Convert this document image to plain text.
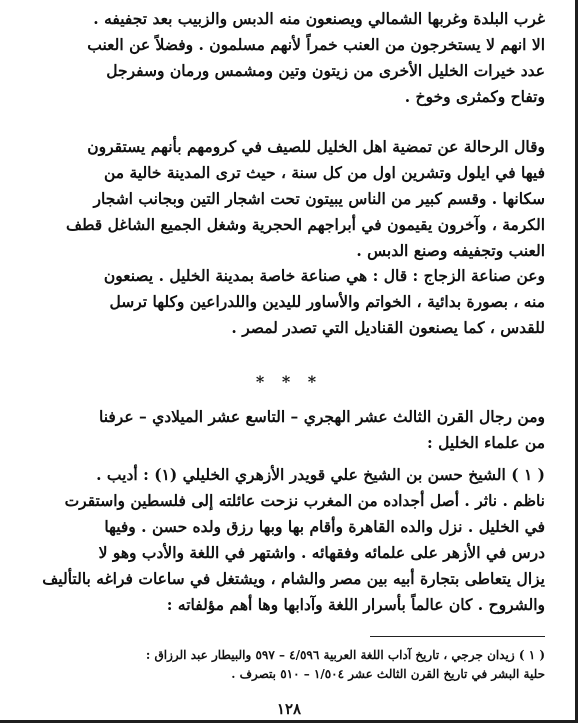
غرب البلدة وغربها الشمالي ويصنعون منه الدبس والزبيب بعد تجفيفه .
الا انهم لا يستخرجون من العنب خمراً لأنهم مسلمون . وفضلاً عن العنب
عدد خيرات الخليل الأخرى من زيتون وتين ومشمس ورمان وسفرجل
وتفاح وكمثرى وخوخ .
وقال الرحالة عن تمضية اهل الخليل للصيف في كرومهم بأنهم يستقرون
فيها في ايلول وتشرين اول من كل سنة ، حيث ترى المدينة خالية من
سكانها . وقسم كبير من الناس يبيتون تحت اشجار التين وبجانب اشجار
الكرمة ، وآخرون يقيمون في أبراجهم الحجرية وشغل الجميع الشاغل قطف
العنب وتجفيفه وصنع الدبس .
وعن صناعة الزجاج : قال : هي صناعة خاصة بمدينة الخليل . يصنعون
منه ، بصورة بدائية ، الخواتم والأساور لليدين واللدراعين وكلها ترسل
للقدس ، كما يصنعون القناديل التي تصدر لمصر .
* * *
ومن رجال القرن الثالث عشر الهجري – التاسع عشر الميلادي – عرفنا
من علماء الخليل :
( ١ ) الشيخ حسن بن الشيخ علي قويدر الأزهري الخليلي (١) : أديب .
ناظم . ناثر . أصل أجداده من المغرب نزحت عائلته إلى فلسطين واستقرت
في الخليل . نزل والده القاهرة وأقام بها وبها رزق ولده حسن . وفيها
درس في الأزهر على علمائه وفقهائه . واشتهر في اللغة والأدب وهو لا
يزال يتعاطى بتجارة أبيه بين مصر والشام ، ويشتغل في ساعات فراغه بالتأليف
والشروح . كان عالماً بأسرار اللغة وآدابها وها أهم مؤلفاته :
( ١ ) زيدان جرجي ، تاريخ آداب اللغة العربية ٤/٥٩٦ – ٥٩٧ والبيطار عبد الرزاق :
حلية البشر في تاريخ القرن الثالث عشر ١/٥٠٤ – ٥١٠ بتصرف .
١٢٨
